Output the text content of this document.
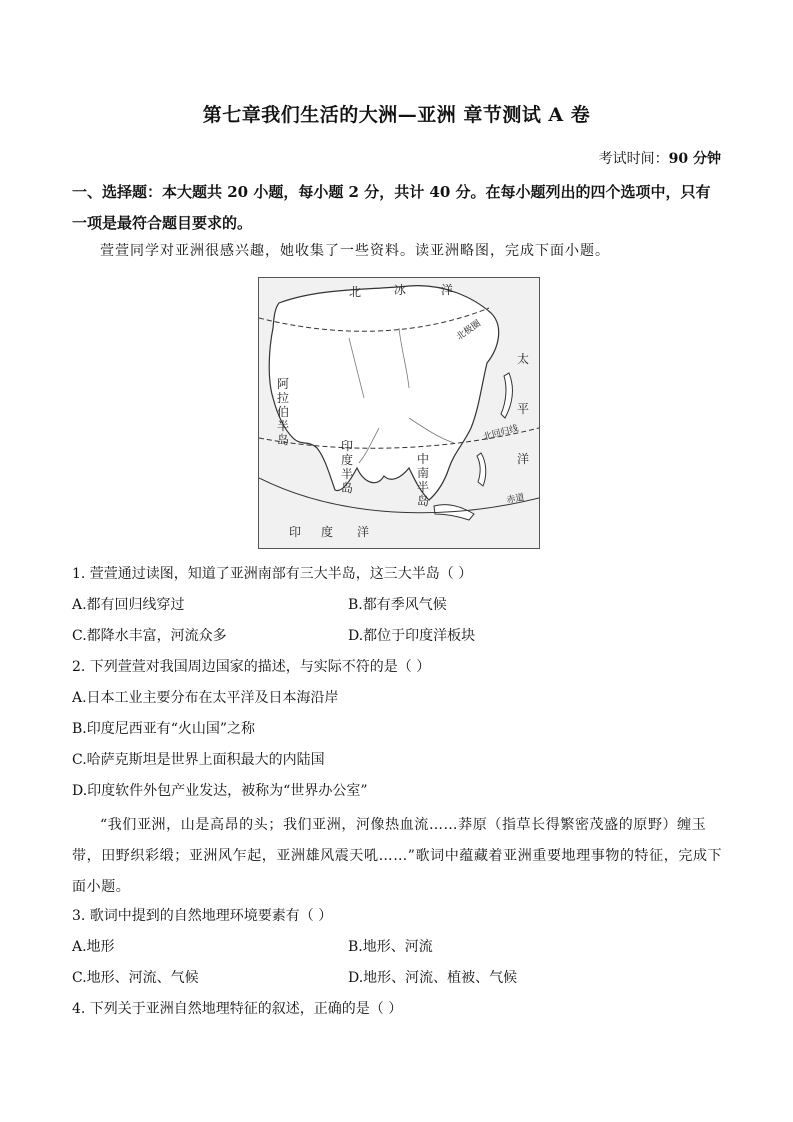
第七章我们生活的大洲—亚洲 章节测试 A 卷
考试时间：90 分钟
一、选择题：本大题共 20 小题，每小题 2 分，共计 40 分。在每小题列出的四个选项中，只有一项是最符合题目要求的。
萱萱同学对亚洲很感兴趣，她收集了一些资料。读亚洲略图，完成下面小题。
北	冰	洋
太
平
洋
阿
拉
伯
半
岛	印
度
半
岛
中
南
半
岛
印 度 洋
北极圈
北回归线
赤道
1. 萱萱通过读图，知道了亚洲南部有三大半岛，这三大半岛（ ）
A.都有回归线穿过	B.都有季风气候
C.都降水丰富，河流众多	D.都位于印度洋板块
2. 下列萱萱对我国周边国家的描述，与实际不符的是（ ）
A.日本工业主要分布在太平洋及日本海沿岸
B.印度尼西亚有“火山国”之称
C.哈萨克斯坦是世界上面积最大的内陆国
D.印度软件外包产业发达，被称为“世界办公室”
“我们亚洲，山是高昂的头；我们亚洲，河像热血流……莽原（指草长得繁密茂盛的原野）缠玉带，田野织彩缎；亚洲风乍起，亚洲雄风震天吼……”歌词中蕴藏着亚洲重要地理事物的特征，完成下面小题。
3. 歌词中提到的自然地理环境要素有（ ）
A.地形	B.地形、河流
C.地形、河流、气候	D.地形、河流、植被、气候
4. 下列关于亚洲自然地理特征的叙述，正确的是（ ）
